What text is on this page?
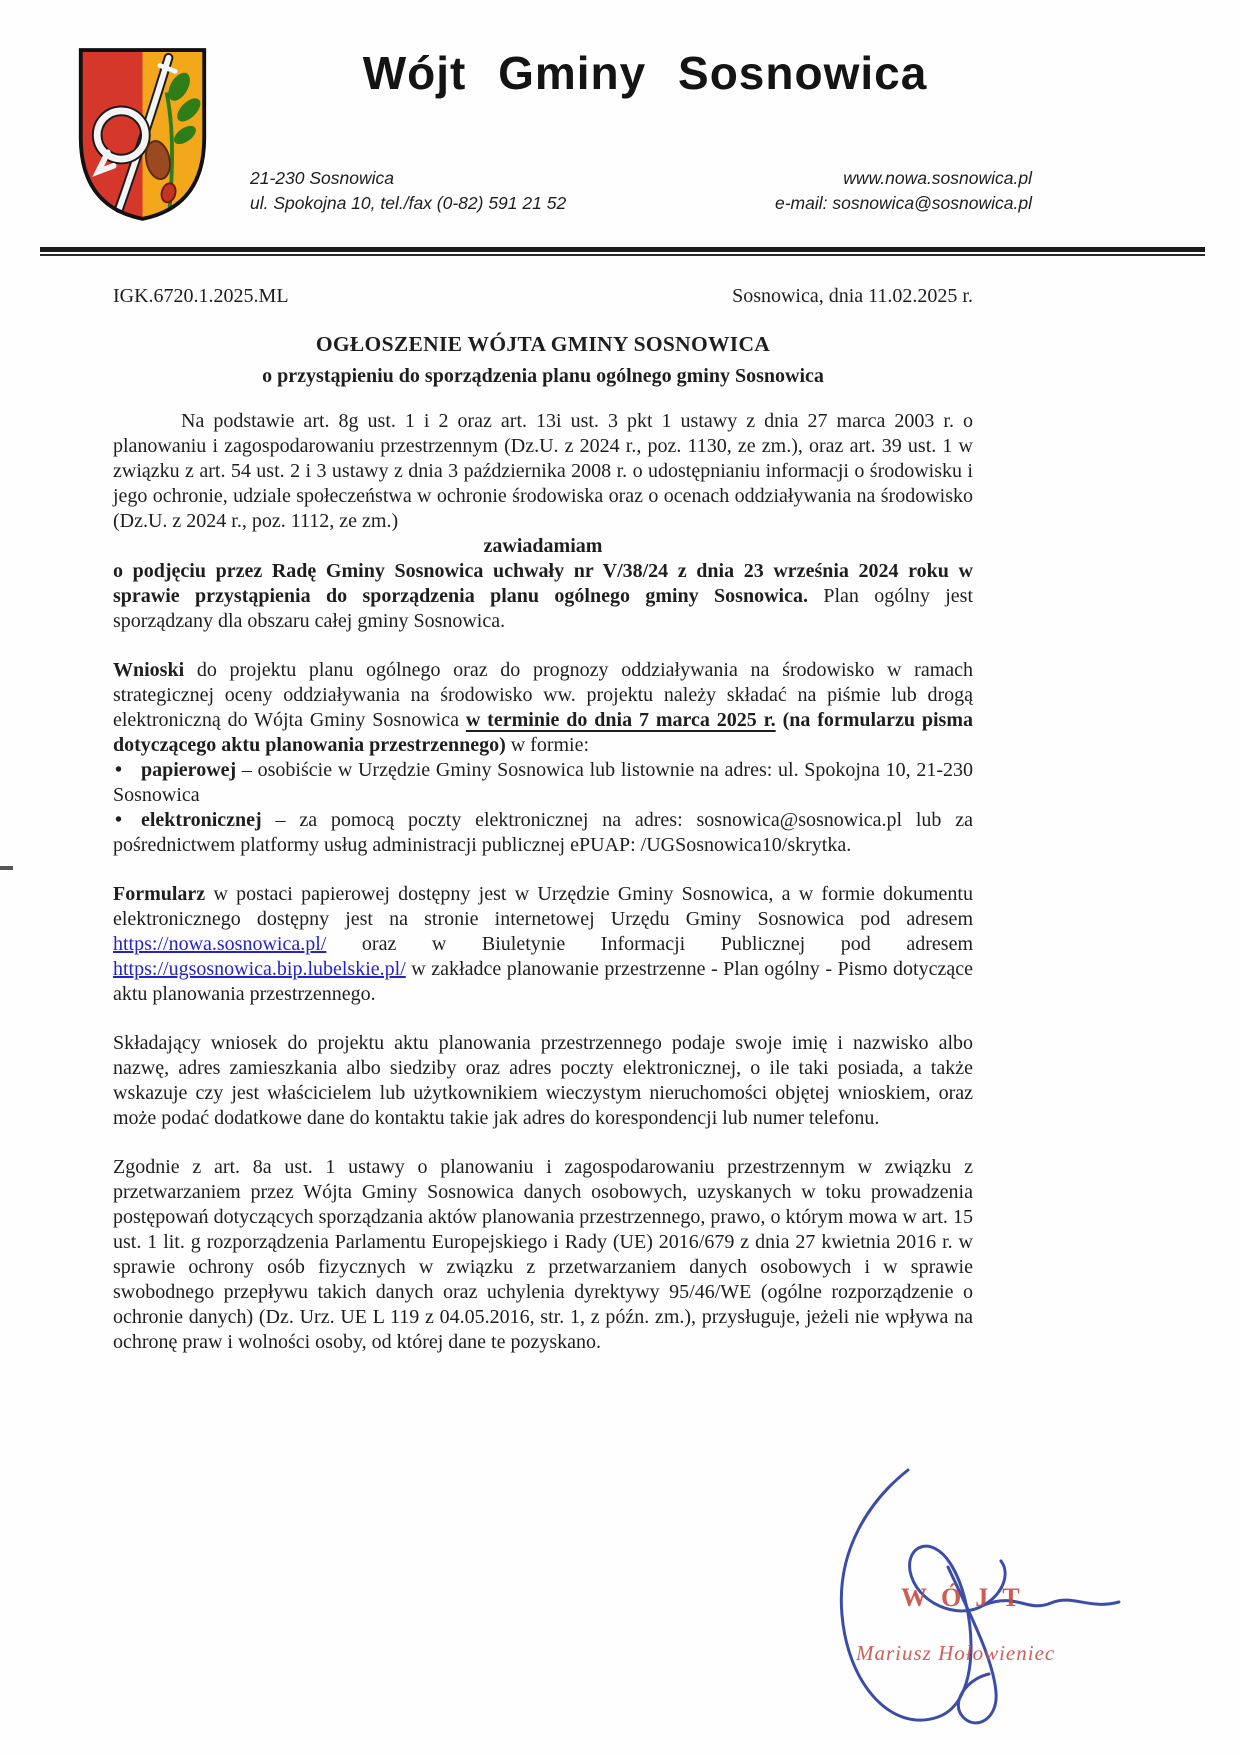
Wójt Gminy Sosnowica
21-230 Sosnowica
ul. Spokojna 10, tel./fax (0-82) 591 21 52
www.nowa.sosnowica.pl
e-mail: sosnowica@sosnowica.pl

IGK.6720.1.2025.ML	Sosnowica, dnia 11.02.2025 r.

OGŁOSZENIE WÓJTA GMINY SOSNOWICA

o przystąpieniu do sporządzenia planu ogólnego gminy Sosnowica

Na podstawie art. 8g ust. 1 i 2 oraz art. 13i ust. 3 pkt 1 ustawy z dnia 27 marca 2003 r. o planowaniu i zagospodarowaniu przestrzennym (Dz.U. z 2024 r., poz. 1130, ze zm.), oraz art. 39 ust. 1 w związku z art. 54 ust. 2 i 3 ustawy z dnia 3 października 2008 r. o udostępnianiu informacji o środowisku i jego ochronie, udziale społeczeństwa w ochronie środowiska oraz o ocenach oddziaływania na środowisko (Dz.U. z 2024 r., poz. 1112, ze zm.)

zawiadamiam

o podjęciu przez Radę Gminy Sosnowica uchwały nr V/38/24 z dnia 23 września 2024 roku w sprawie przystąpienia do sporządzenia planu ogólnego gminy Sosnowica. Plan ogólny jest sporządzany dla obszaru całej gminy Sosnowica.

Wnioski do projektu planu ogólnego oraz do prognozy oddziaływania na środowisko w ramach strategicznej oceny oddziaływania na środowisko ww. projektu należy składać na piśmie lub drogą elektroniczną do Wójta Gminy Sosnowica w terminie do dnia 7 marca 2025 r. (na formularzu pisma dotyczącego aktu planowania przestrzennego) w formie:

• papierowej – osobiście w Urzędzie Gminy Sosnowica lub listownie na adres: ul. Spokojna 10, 21-230 Sosnowica

• elektronicznej – za pomocą poczty elektronicznej na adres: sosnowica@sosnowica.pl lub za pośrednictwem platformy usług administracji publicznej ePUAP: /UGSosnowica10/skrytka.

Formularz w postaci papierowej dostępny jest w Urzędzie Gminy Sosnowica, a w formie dokumentu elektronicznego dostępny jest na stronie internetowej Urzędu Gminy Sosnowica pod adresem https://nowa.sosnowica.pl/ oraz w Biuletynie Informacji Publicznej pod adresem https://ugsosnowica.bip.lubelskie.pl/ w zakładce planowanie przestrzenne - Plan ogólny - Pismo dotyczące aktu planowania przestrzennego.

Składający wniosek do projektu aktu planowania przestrzennego podaje swoje imię i nazwisko albo nazwę, adres zamieszkania albo siedziby oraz adres poczty elektronicznej, o ile taki posiada, a także wskazuje czy jest właścicielem lub użytkownikiem wieczystym nieruchomości objętej wnioskiem, oraz może podać dodatkowe dane do kontaktu takie jak adres do korespondencji lub numer telefonu.

Zgodnie z art. 8a ust. 1 ustawy o planowaniu i zagospodarowaniu przestrzennym w związku z przetwarzaniem przez Wójta Gminy Sosnowica danych osobowych, uzyskanych w toku prowadzenia postępowań dotyczących sporządzania aktów planowania przestrzennego, prawo, o którym mowa w art. 15 ust. 1 lit. g rozporządzenia Parlamentu Europejskiego i Rady (UE) 2016/679 z dnia 27 kwietnia 2016 r. w sprawie ochrony osób fizycznych w związku z przetwarzaniem danych osobowych i w sprawie swobodnego przepływu takich danych oraz uchylenia dyrektywy 95/46/WE (ogólne rozporządzenie o ochronie danych) (Dz. Urz. UE L 119 z 04.05.2016, str. 1, z późn. zm.), przysługuje, jeżeli nie wpływa na ochronę praw i wolności osoby, od której dane te pozyskano.

WÓJT
Mariusz Hołowieniec
